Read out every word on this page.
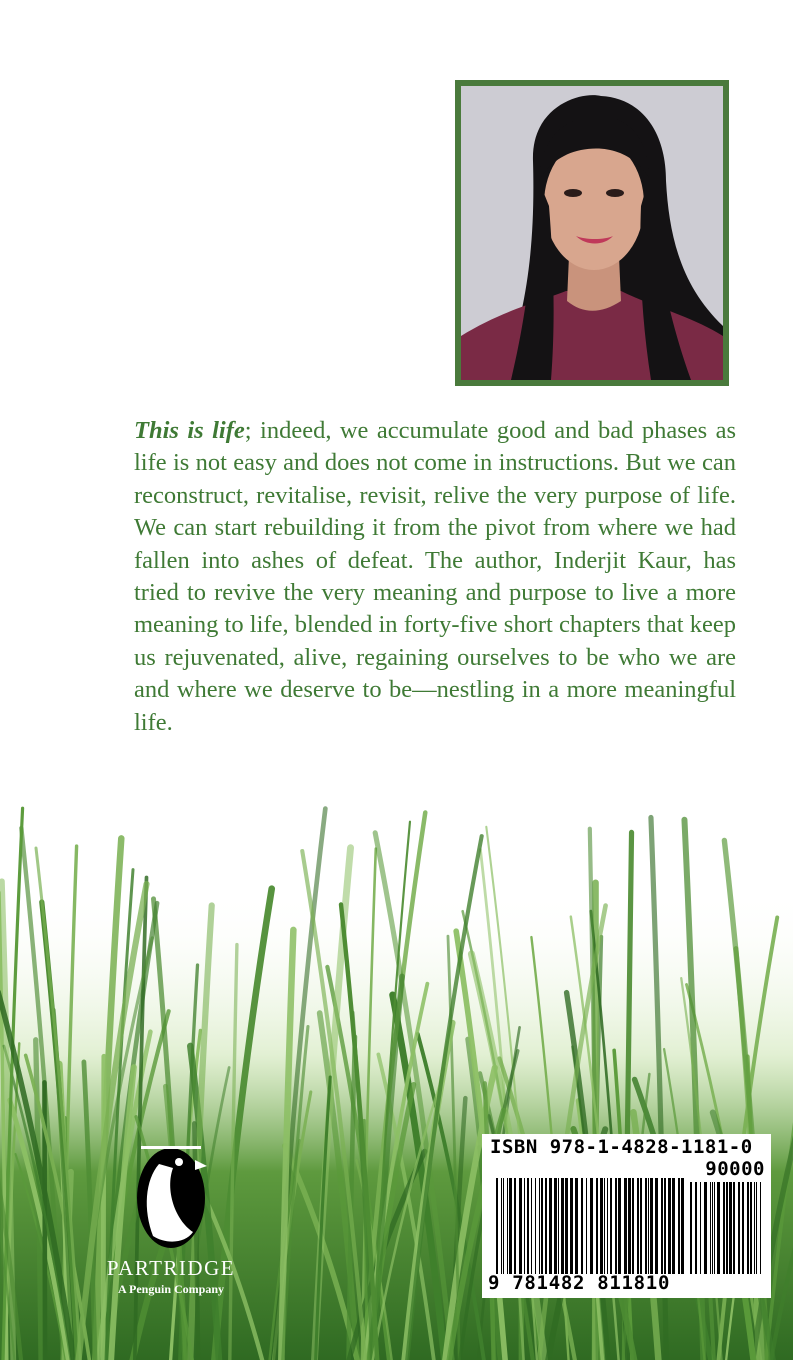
This is life; indeed, we accumulate good and bad phases as life is not easy and does not come in instructions. But we can reconstruct, revitalise, revisit, relive the very purpose of life. We can start rebuilding it from the pivot from where we had fallen into ashes of defeat. The author, Inderjit Kaur, has tried to revive the very meaning and purpose to live a more meaning to life, blended in forty-five short chapters that keep us rejuvenated, alive, regaining ourselves to be who we are and where we deserve to be—nestling in a more meaningful life.

PARTRIDGE
A Penguin Company
ISBN 978-1-4828-1181-0
90000
9 781482 811810
